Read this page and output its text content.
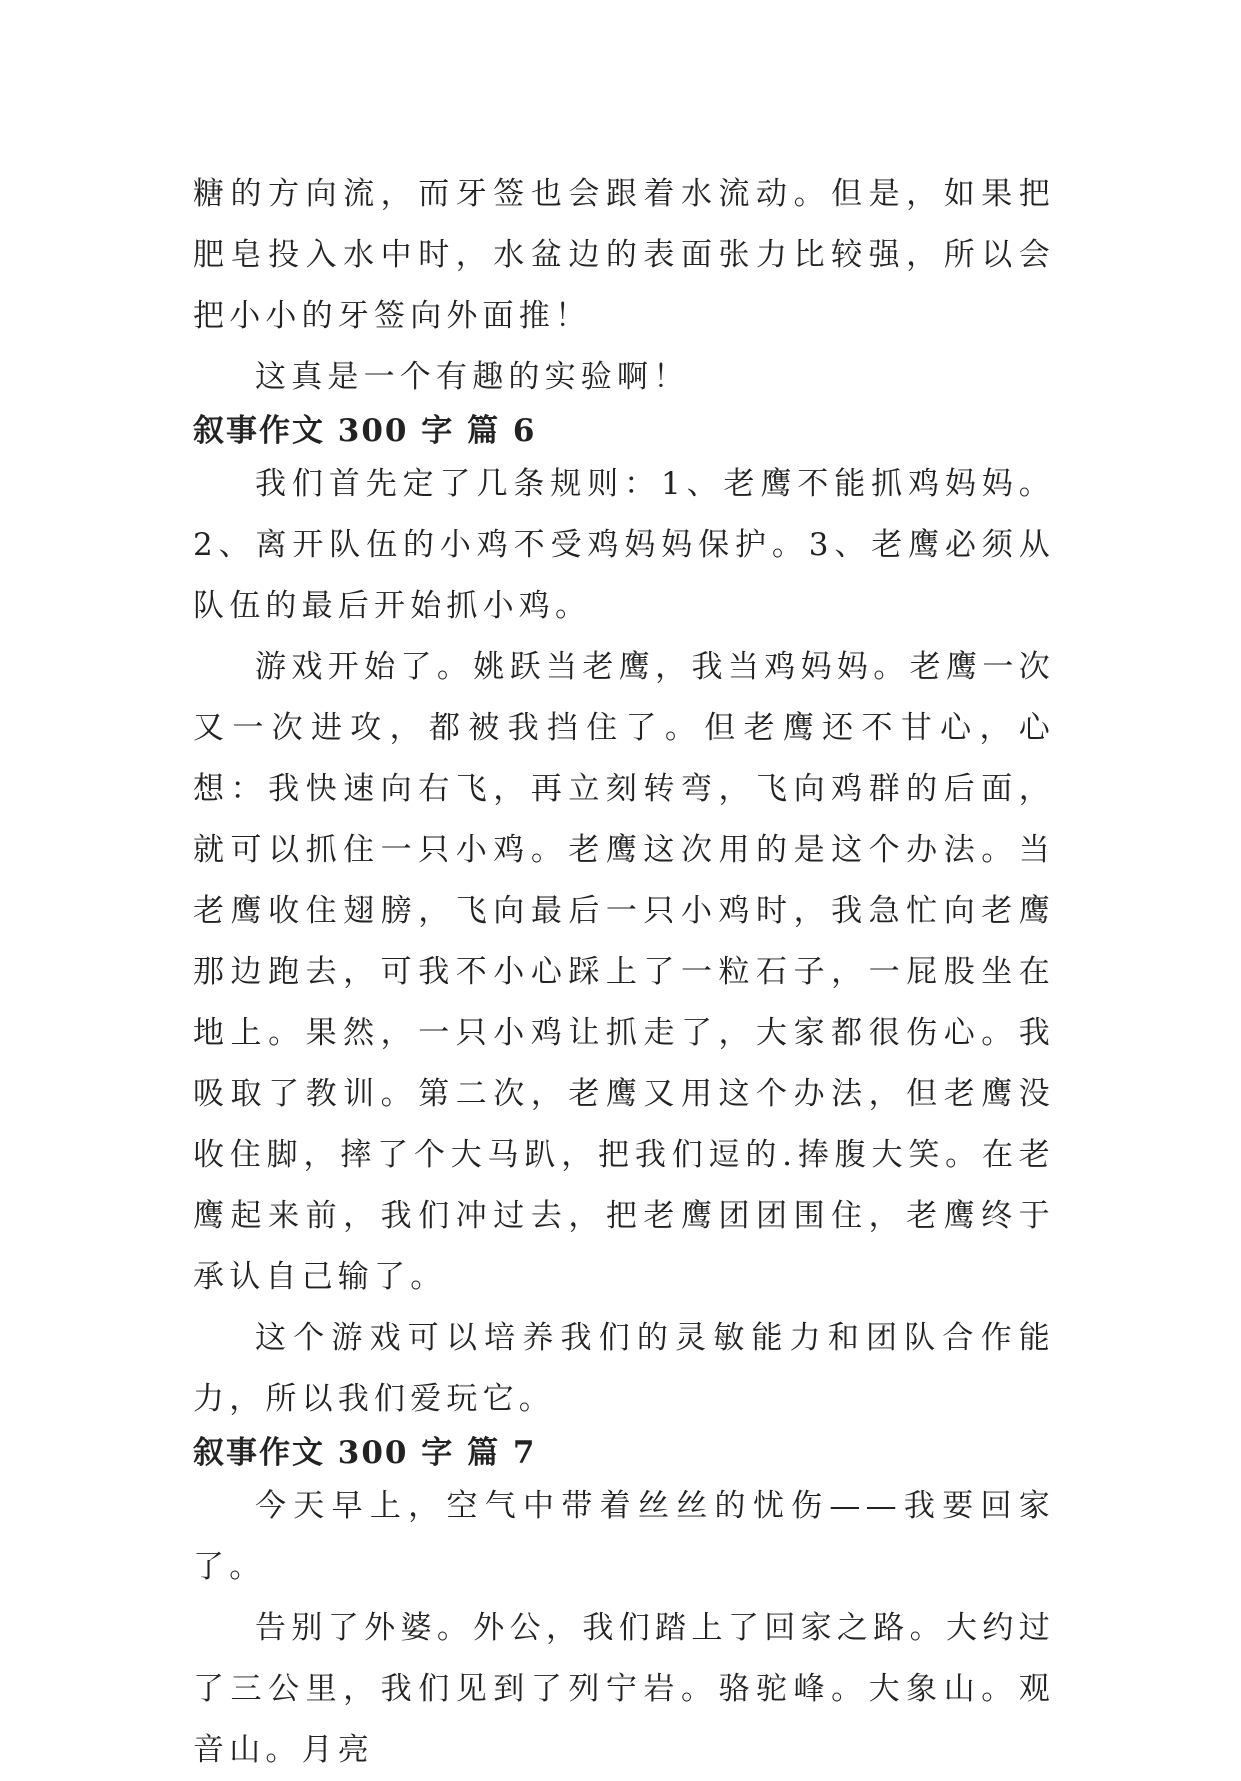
糖的方向流，而牙签也会跟着水流动。但是，如果把肥皂投入水中时，水盆边的表面张力比较强，所以会把小小的牙签向外面推！

这真是一个有趣的实验啊！

叙事作文 300 字 篇 6

我们首先定了几条规则：1、老鹰不能抓鸡妈妈。2、离开队伍的小鸡不受鸡妈妈保护。3、老鹰必须从队伍的最后开始抓小鸡。

游戏开始了。姚跃当老鹰，我当鸡妈妈。老鹰一次又一次进攻，都被我挡住了。但老鹰还不甘心，心想：我快速向右飞，再立刻转弯，飞向鸡群的后面，就可以抓住一只小鸡。老鹰这次用的是这个办法。当老鹰收住翅膀，飞向最后一只小鸡时，我急忙向老鹰那边跑去，可我不小心踩上了一粒石子，一屁股坐在地上。果然，一只小鸡让抓走了，大家都很伤心。我吸取了教训。第二次，老鹰又用这个办法，但老鹰没收住脚，摔了个大马趴，把我们逗的.捧腹大笑。在老鹰起来前，我们冲过去，把老鹰团团围住，老鹰终于承认自己输了。

这个游戏可以培养我们的灵敏能力和团队合作能力，所以我们爱玩它。

叙事作文 300 字 篇 7

今天早上，空气中带着丝丝的忧伤——我要回家了。

告别了外婆。外公，我们踏上了回家之路。大约过了三公里，我们见到了列宁岩。骆驼峰。大象山。观音山。月亮
